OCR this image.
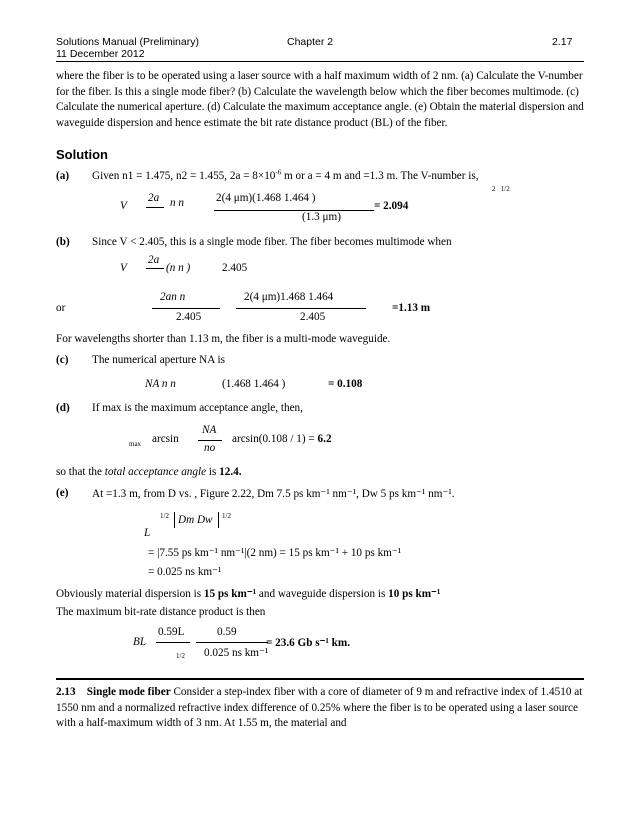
Solutions Manual (Preliminary)
11 December 2012
Chapter 2	2.17
where the fiber is to be operated using a laser source with a half maximum width of 2 nm. (a) Calculate the V-number for the fiber. Is this a single mode fiber? (b) Calculate the wavelength below which the fiber becomes multimode. (c) Calculate the numerical aperture. (d) Calculate the maximum acceptance angle. (e) Obtain the material dispersion and waveguide dispersion and hence estimate the bit rate distance product (BL) of the fiber.
Solution
(a) Given n1 = 1.475, n2 = 1.455, $2a = 8\times 10^{-6}$ m or a = 4 m and =1.3 m. The V-number is,
2 1/2
V
2a n n	2(4 μm)(1.468 1.464 )
(1.3 μm)
= 2.094
(b) Since V < 2.405, this is a single mode fiber. The fiber becomes multimode when
V
2a
(n n )	2.405
or
2an n
2.405
2(4 μm)1.468 1.464
2.405
=1.13 m
For wavelengths shorter than 1.13 m, the fiber is a multi-mode waveguide.
(c) The numerical aperture NA is
NA n n	(1.468 1.464 )	= 0.108
(d) If max is the maximum acceptance angle, then,
max arcsin
NA
no
arcsin(0.108 / 1) = 6.2
so that the total acceptance angle is 12.4.
(e) At =1.3 m, from D vs. , Figure 2.22, Dm 7.5 ps km⁻¹ nm⁻¹, Dw 5 ps km⁻¹ nm⁻¹.
L
1/2 Dm Dw 1/2
= |7.55 ps km⁻¹ nm⁻¹|(2 nm) = 15 ps km⁻¹ + 10 ps km⁻¹
= 0.025 ns km⁻¹
Obviously material dispersion is 15 ps km⁻¹ and waveguide dispersion is 10 ps km⁻¹
The maximum bit-rate distance product is then
BL
0.59L
1/2
0.59
0.025 ns km⁻¹
= 23.6 Gb s⁻¹ km.
2.13 Single mode fiber Consider a step-index fiber with a core of diameter of 9 m and refractive index of 1.4510 at 1550 nm and a normalized refractive index difference of 0.25% where the fiber is to be operated using a laser source with a half-maximum width of 3 nm. At 1.55 m, the material and
